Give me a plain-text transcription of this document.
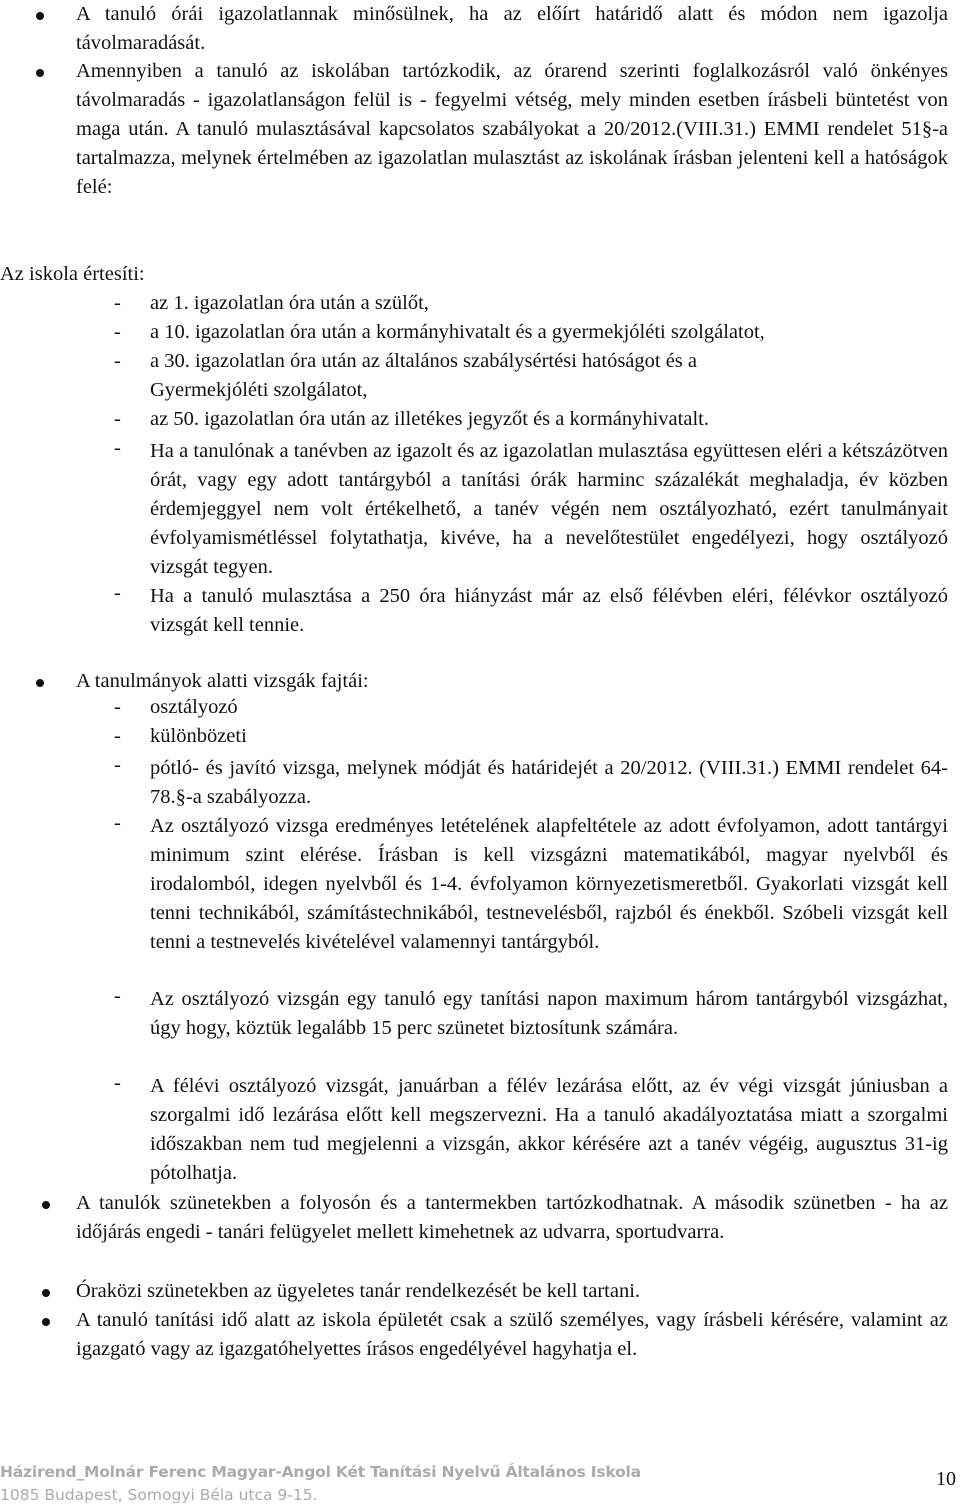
A tanuló órái igazolatlannak minősülnek, ha az előírt határidő alatt és módon nem igazolja távolmaradását.

Amennyiben a tanuló az iskolában tartózkodik, az órarend szerinti foglalkozásról való önkényes távolmaradás - igazolatlanságon felül is - fegyelmi vétség, mely minden esetben írásbeli büntetést von maga után. A tanuló mulasztásával kapcsolatos szabályokat a 20/2012.(VIII.31.) EMMI rendelet 51§-a tartalmazza, melynek értelmében az igazolatlan mulasztást az iskolának írásban jelenteni kell a hatóságok felé:

Az iskola értesíti:
- az 1. igazolatlan óra után a szülőt,
- a 10. igazolatlan óra után a kormányhivatalt és a gyermekjóléti szolgálatot,
- a 30. igazolatlan óra után az általános szabálysértési hatóságot és a
Gyermekjóléti szolgálatot,
- az 50. igazolatlan óra után az illetékes jegyzőt és a kormányhivatalt.
- Ha a tanulónak a tanévben az igazolt és az igazolatlan mulasztása együttesen eléri a kétszázötven órát, vagy egy adott tantárgyból a tanítási órák harminc százalékát meghaladja, év közben érdemjeggyel nem volt értékelhető, a tanév végén nem osztályozható, ezért tanulmányait évfolyamismétléssel folytathatja, kivéve, ha a nevelőtestület engedélyezi, hogy osztályozó vizsgát tegyen.

- Ha a tanuló mulasztása a 250 óra hiányzást már az első félévben eléri, félévkor osztályozó vizsgát kell tennie.

A tanulmányok alatti vizsgák fajtái:

- osztályozó
- különbözeti
- pótló- és javító vizsga, melynek módját és határidejét a 20/2012. (VIII.31.) EMMI rendelet 64-78.§-a szabályozza.

- Az osztályozó vizsga eredményes letételének alapfeltétele az adott évfolyamon, adott tantárgyi minimum szint elérése. Írásban is kell vizsgázni matematikából, magyar nyelvből és irodalomból, idegen nyelvből és 1-4. évfolyamon környezetismeretből. Gyakorlati vizsgát kell tenni technikából, számítástechnikából, testnevelésből, rajzból és énekből. Szóbeli vizsgát kell tenni a testnevelés kivételével valamennyi tantárgyból.

- Az osztályozó vizsgán egy tanuló egy tanítási napon maximum három tantárgyból vizsgázhat, úgy hogy, köztük legalább 15 perc szünetet biztosítunk számára.

- A félévi osztályozó vizsgát, januárban a félév lezárása előtt, az év végi vizsgát júniusban a szorgalmi idő lezárása előtt kell megszervezni. Ha a tanuló akadályoztatása miatt a szorgalmi időszakban nem tud megjelenni a vizsgán, akkor kérésére azt a tanév végéig, augusztus 31-ig pótolhatja.

A tanulók szünetekben a folyosón és a tantermekben tartózkodhatnak. A második szünetben - ha az időjárás engedi - tanári felügyelet mellett kimehetnek az udvarra, sportudvarra.

Óraközi szünetekben az ügyeletes tanár rendelkezését be kell tartani.

A tanuló tanítási idő alatt az iskola épületét csak a szülő személyes, vagy írásbeli kérésére, valamint az igazgató vagy az igazgatóhelyettes írásos engedélyével hagyhatja el.

Házirend_Molnár Ferenc Magyar-Angol Két Tanítási Nyelvű Általános Iskola
1085 Budapest, Somogyi Béla utca 9-15.
10
